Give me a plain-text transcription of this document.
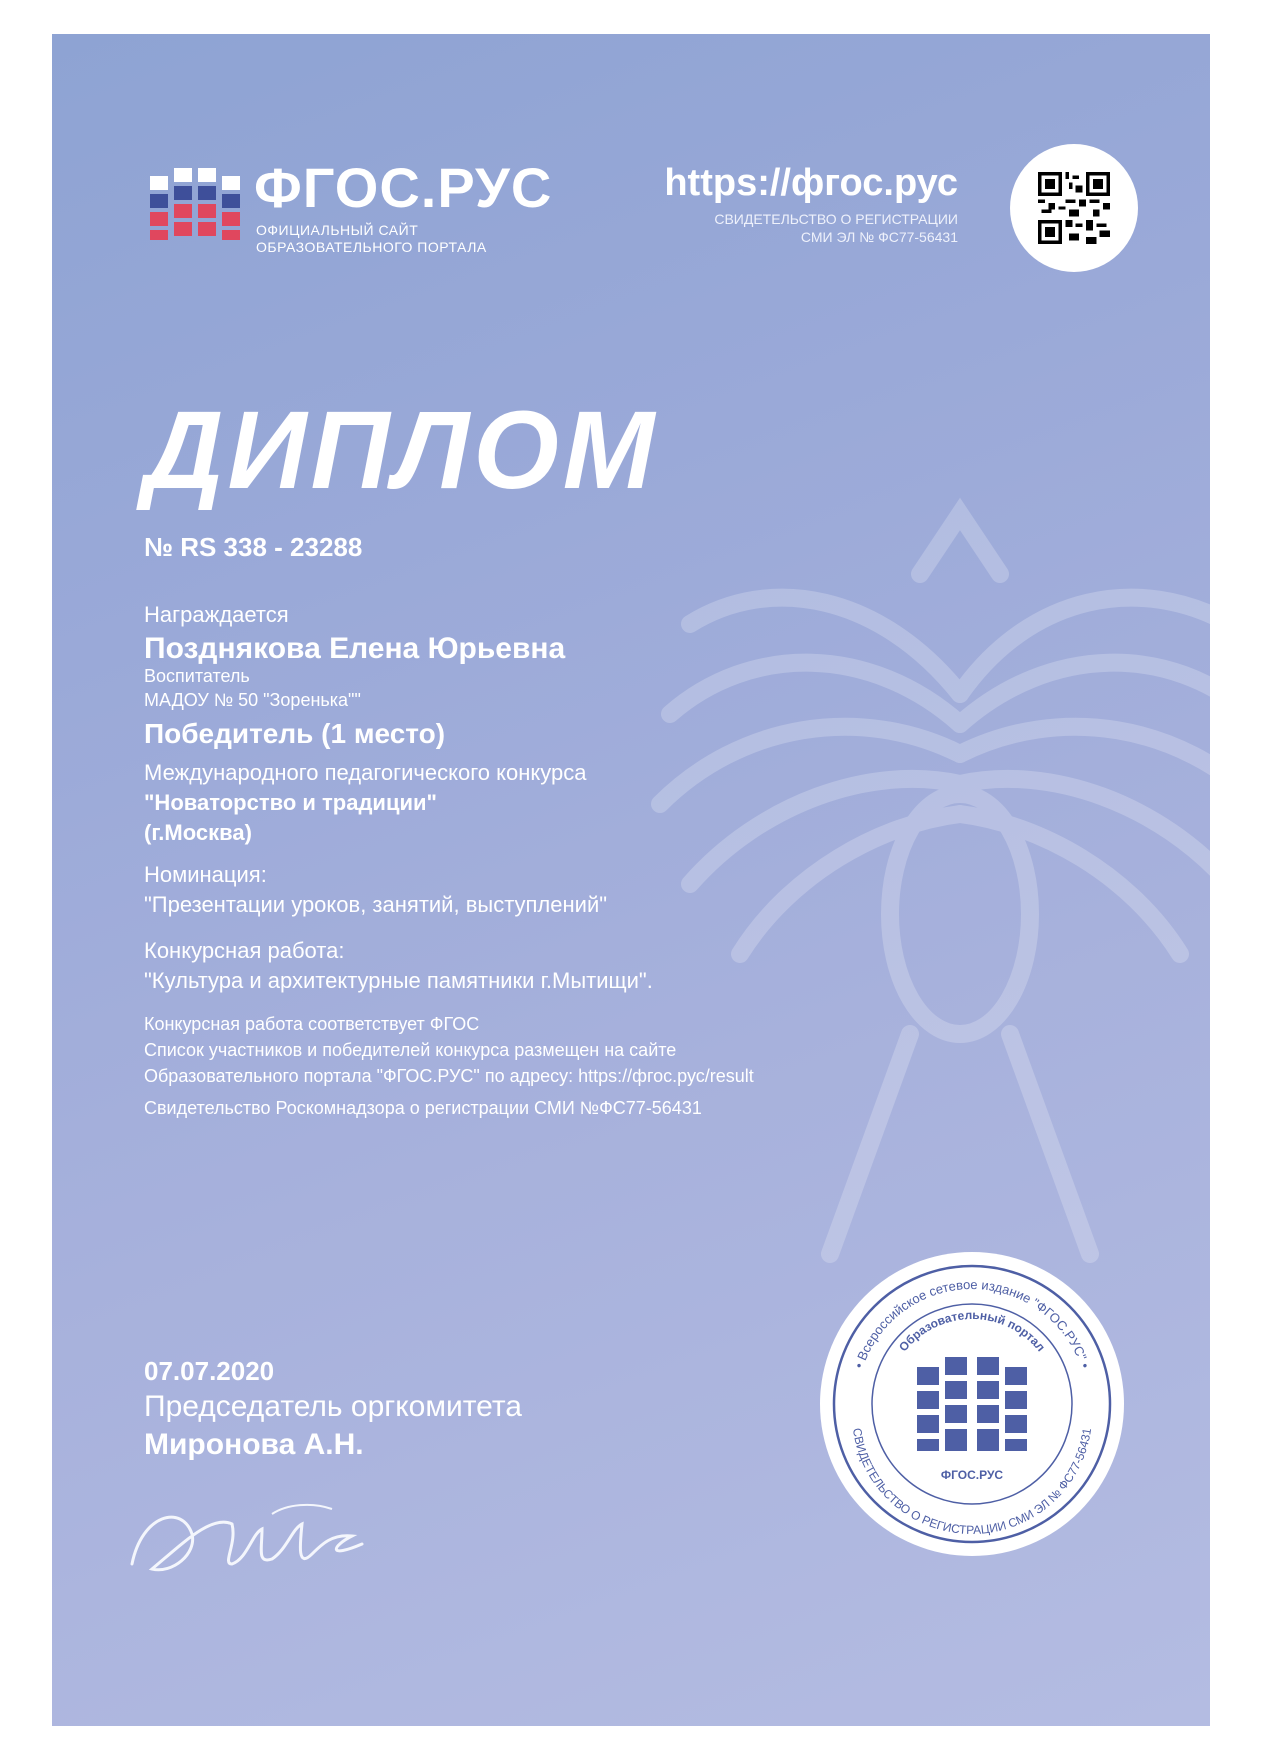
ФГОС.РУС
ОФИЦИАЛЬНЫЙ САЙТ
ОБРАЗОВАТЕЛЬНОГО ПОРТАЛА
https://фгос.рус
СВИДЕТЕЛЬСТВО О РЕГИСТРАЦИИ
СМИ ЭЛ № ФС77-56431
ДИПЛОМ
№ RS 338 - 23288
Награждается
Позднякова Елена Юрьевна
Воспитатель
МАДОУ № 50 "Зоренька""
Победитель (1 место)
Международного педагогического конкурса
"Новаторство и традиции"
(г.Москва)
Номинация:
"Презентации уроков, занятий, выступлений"
Конкурсная работа:
"Культура и архитектурные памятники г.Мытищи".
Конкурсная работа соответствует ФГОС
Список участников и победителей конкурса размещен на сайте
Образовательного портала "ФГОС.РУС" по адресу: https://фгос.рус/result
Свидетельство Роскомнадзора о регистрации СМИ №ФС77-56431
07.07.2020
Председатель оргкомитета
Миронова А.Н.
• Всероссийское сетевое издание "ФГОС.РУС" •
Образовательный портал
СВИДЕТЕЛЬСТВО О РЕГИСТРАЦИИ СМИ ЭЛ № ФС77-56431
ФГОС.РУС
